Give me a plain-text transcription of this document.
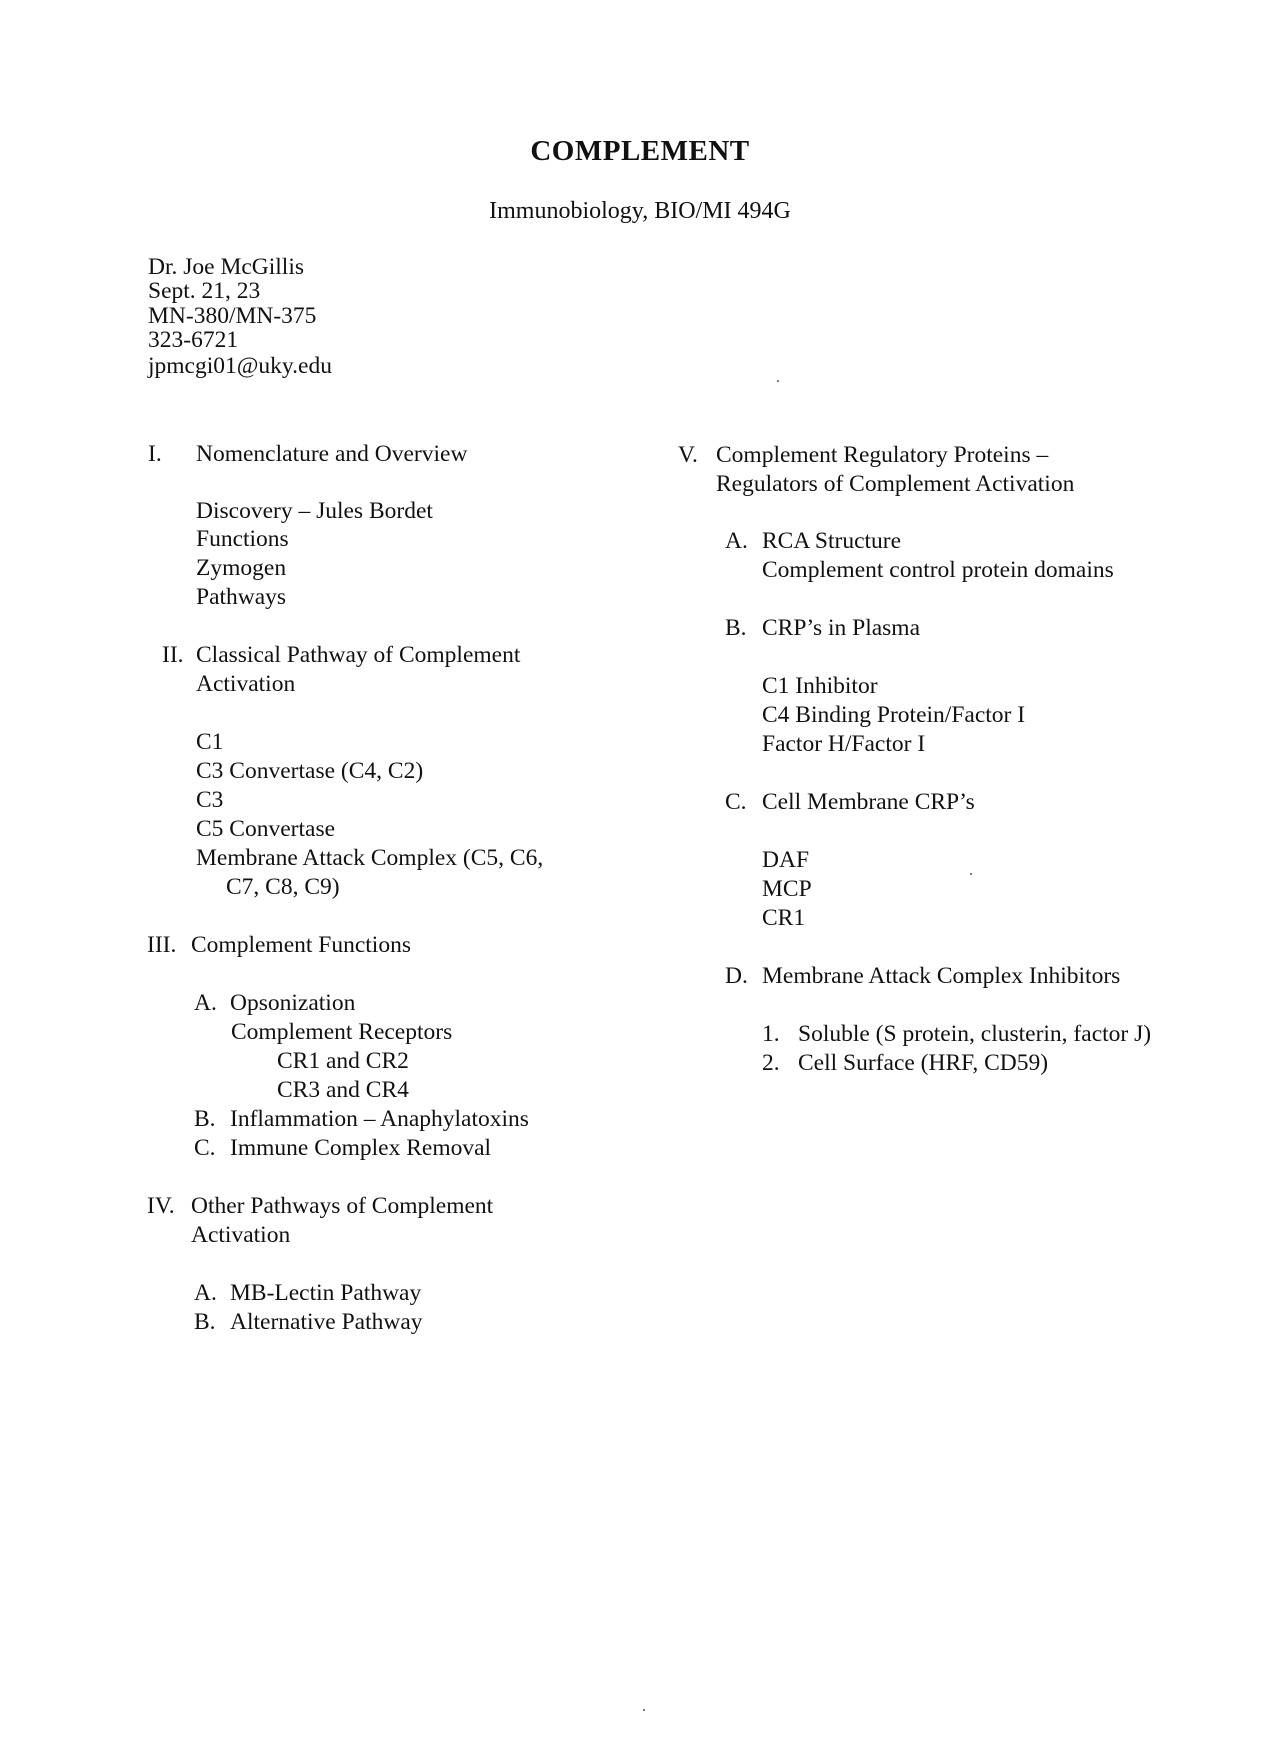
COMPLEMENT
Immunobiology, BIO/MI 494G
Dr. Joe McGillis
Sept. 21, 23
MN-380/MN-375
323-6721
jpmcgi01@uky.edu
I. Nomenclature and Overview
Discovery – Jules Bordet
Functions
Zymogen
Pathways
II. Classical Pathway of Complement
Activation
C1
C3 Convertase (C4, C2)
C3
C5 Convertase
Membrane Attack Complex (C5, C6,
C7, C8, C9)
III. Complement Functions
A. Opsonization
Complement Receptors
CR1 and CR2
CR3 and CR4
B. Inflammation – Anaphylatoxins
C. Immune Complex Removal
IV. Other Pathways of Complement
Activation
A. MB-Lectin Pathway
B. Alternative Pathway
V. Complement Regulatory Proteins –
Regulators of Complement Activation
A. RCA Structure
Complement control protein domains
B. CRP’s in Plasma
C1 Inhibitor
C4 Binding Protein/Factor I
Factor H/Factor I
C. Cell Membrane CRP’s
DAF
MCP
CR1
D. Membrane Attack Complex Inhibitors
1. Soluble (S protein, clusterin, factor J)
2. Cell Surface (HRF, CD59)
